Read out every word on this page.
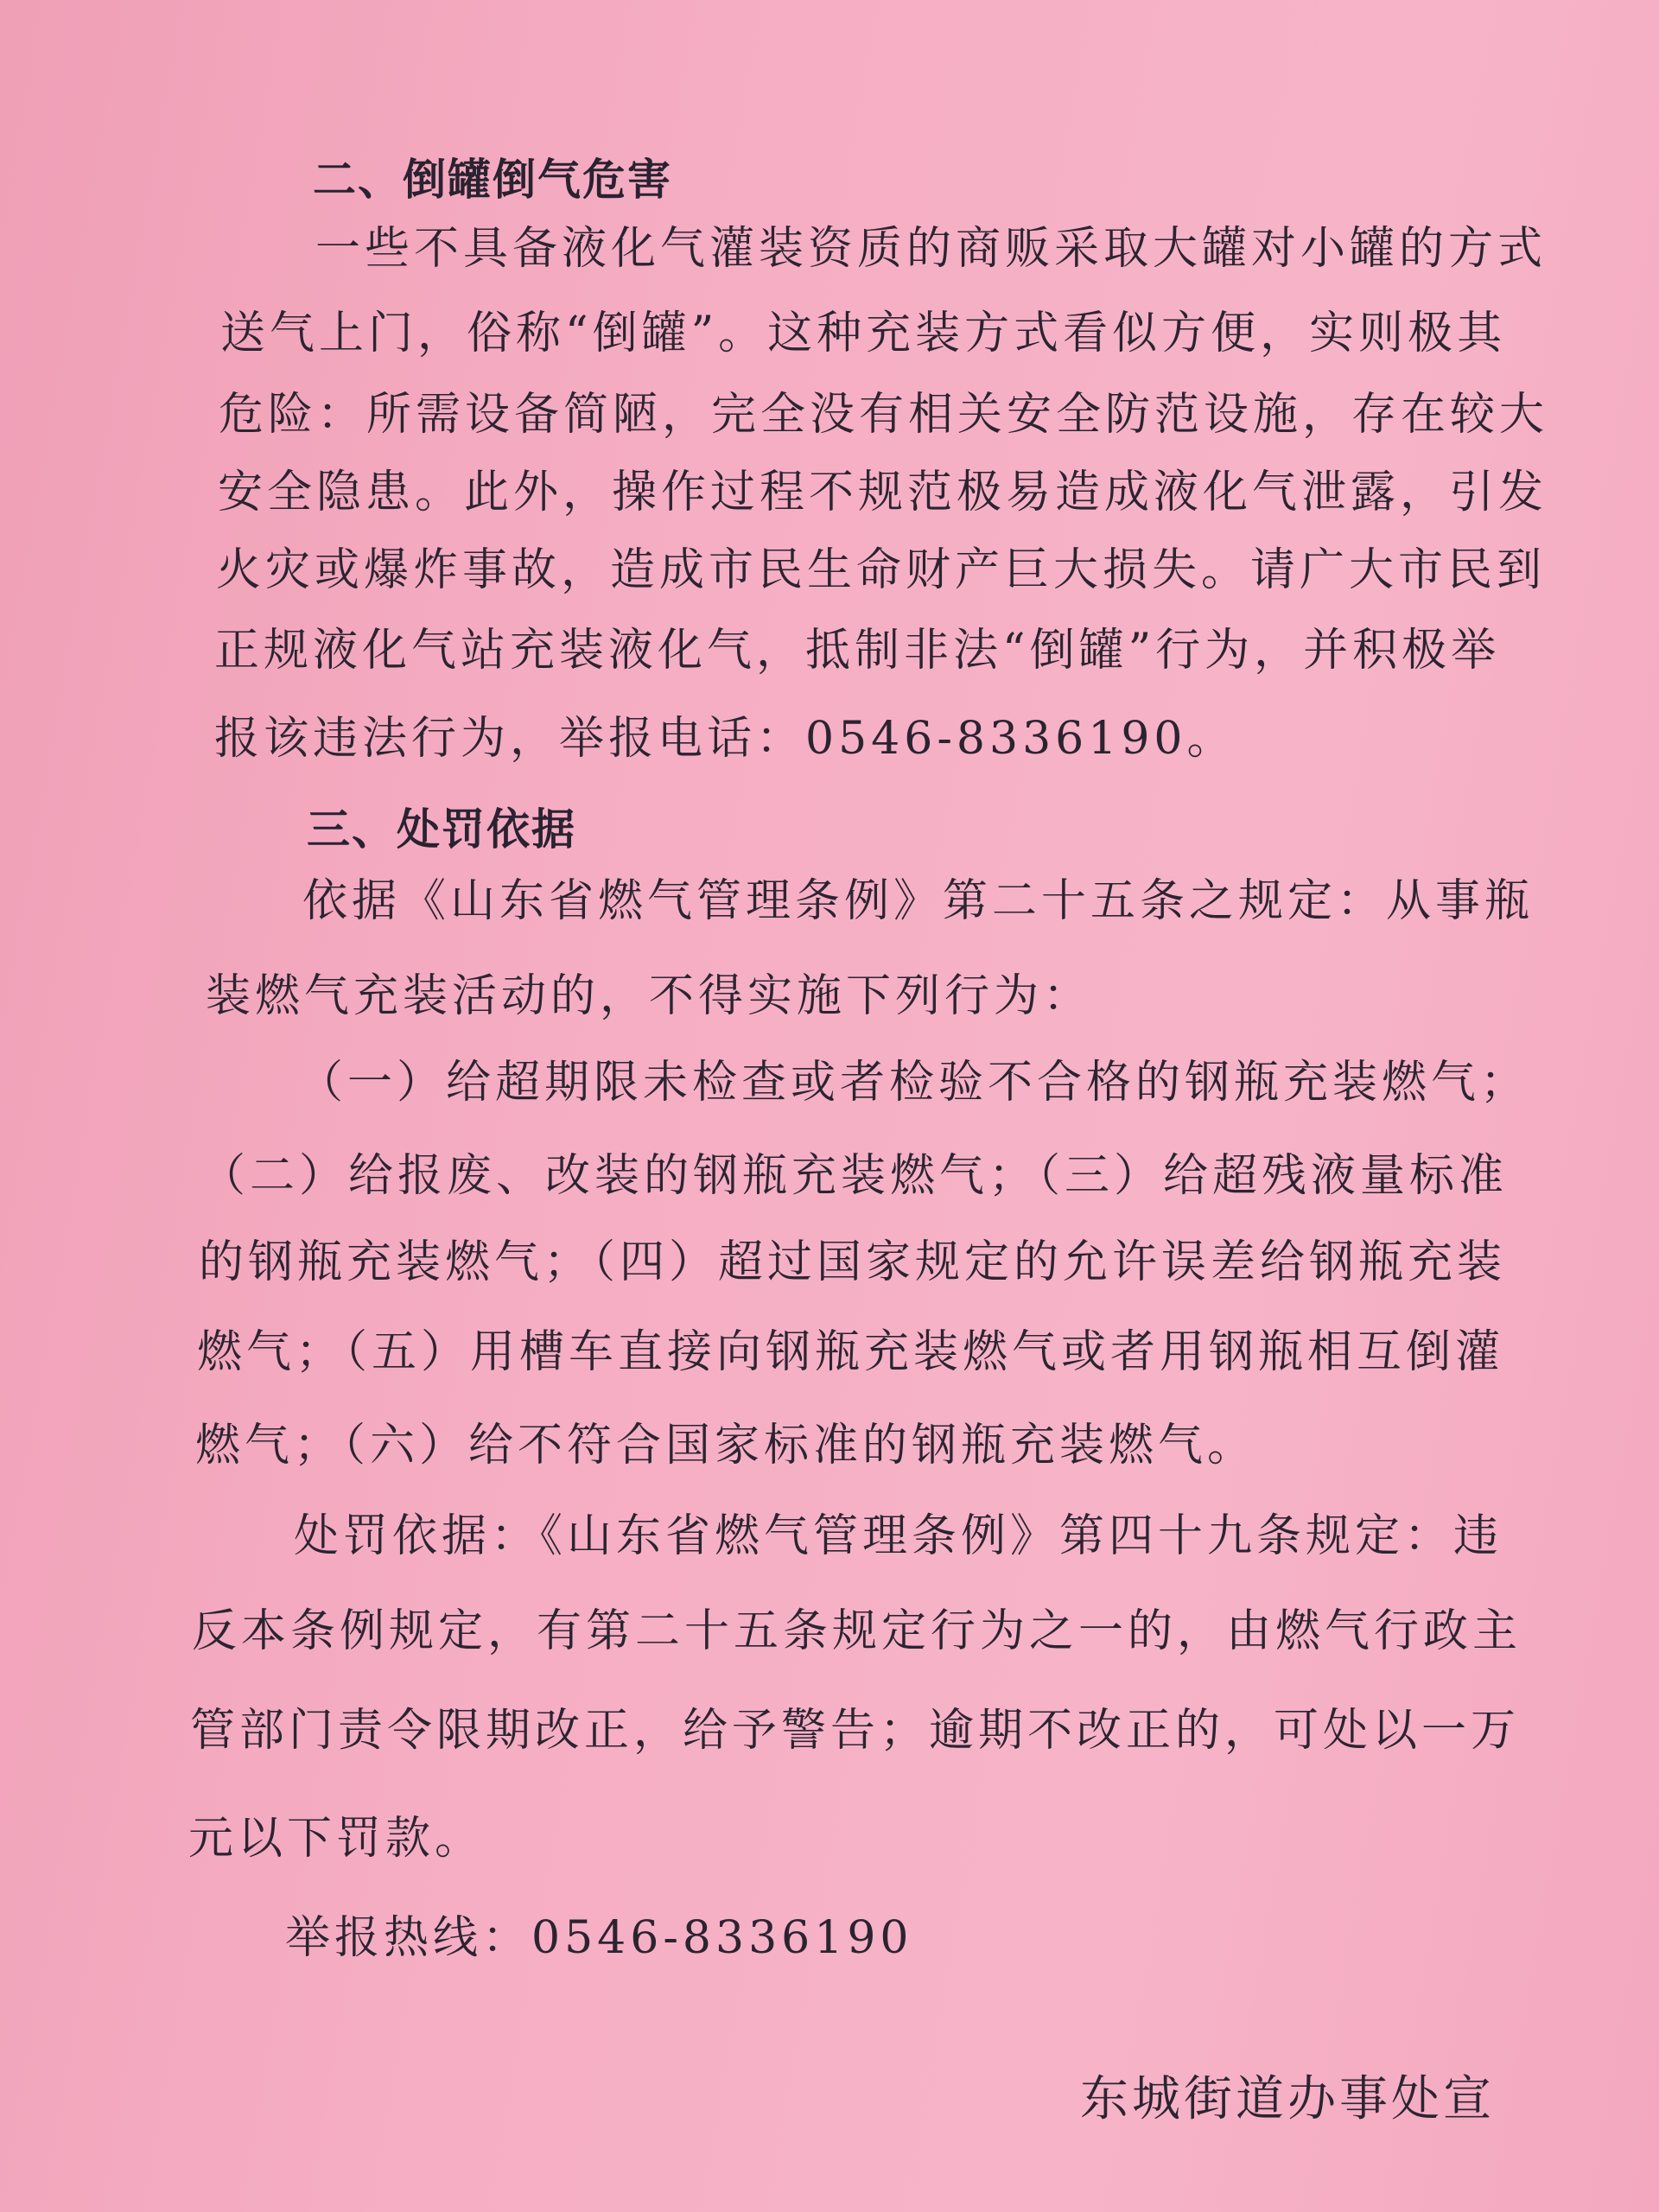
二、倒罐倒气危害
一些不具备液化气灌装资质的商贩采取大罐对小罐的方式
送气上门，俗称“倒罐”。这种充装方式看似方便，实则极其
危险：所需设备简陋，完全没有相关安全防范设施，存在较大
安全隐患。此外，操作过程不规范极易造成液化气泄露，引发
火灾或爆炸事故，造成市民生命财产巨大损失。请广大市民到
正规液化气站充装液化气，抵制非法“倒罐”行为，并积极举
报该违法行为，举报电话：0546-8336190。
三、处罚依据
依据《山东省燃气管理条例》第二十五条之规定：从事瓶
装燃气充装活动的，不得实施下列行为：
（一）给超期限未检查或者检验不合格的钢瓶充装燃气；
（二）给报废、改装的钢瓶充装燃气；（三）给超残液量标准
的钢瓶充装燃气；（四）超过国家规定的允许误差给钢瓶充装
燃气；（五）用槽车直接向钢瓶充装燃气或者用钢瓶相互倒灌
燃气；（六）给不符合国家标准的钢瓶充装燃气。
处罚依据：《山东省燃气管理条例》第四十九条规定：违
反本条例规定，有第二十五条规定行为之一的，由燃气行政主
管部门责令限期改正，给予警告；逾期不改正的，可处以一万
元以下罚款。
举报热线：0546-8336190
东城街道办事处宣
